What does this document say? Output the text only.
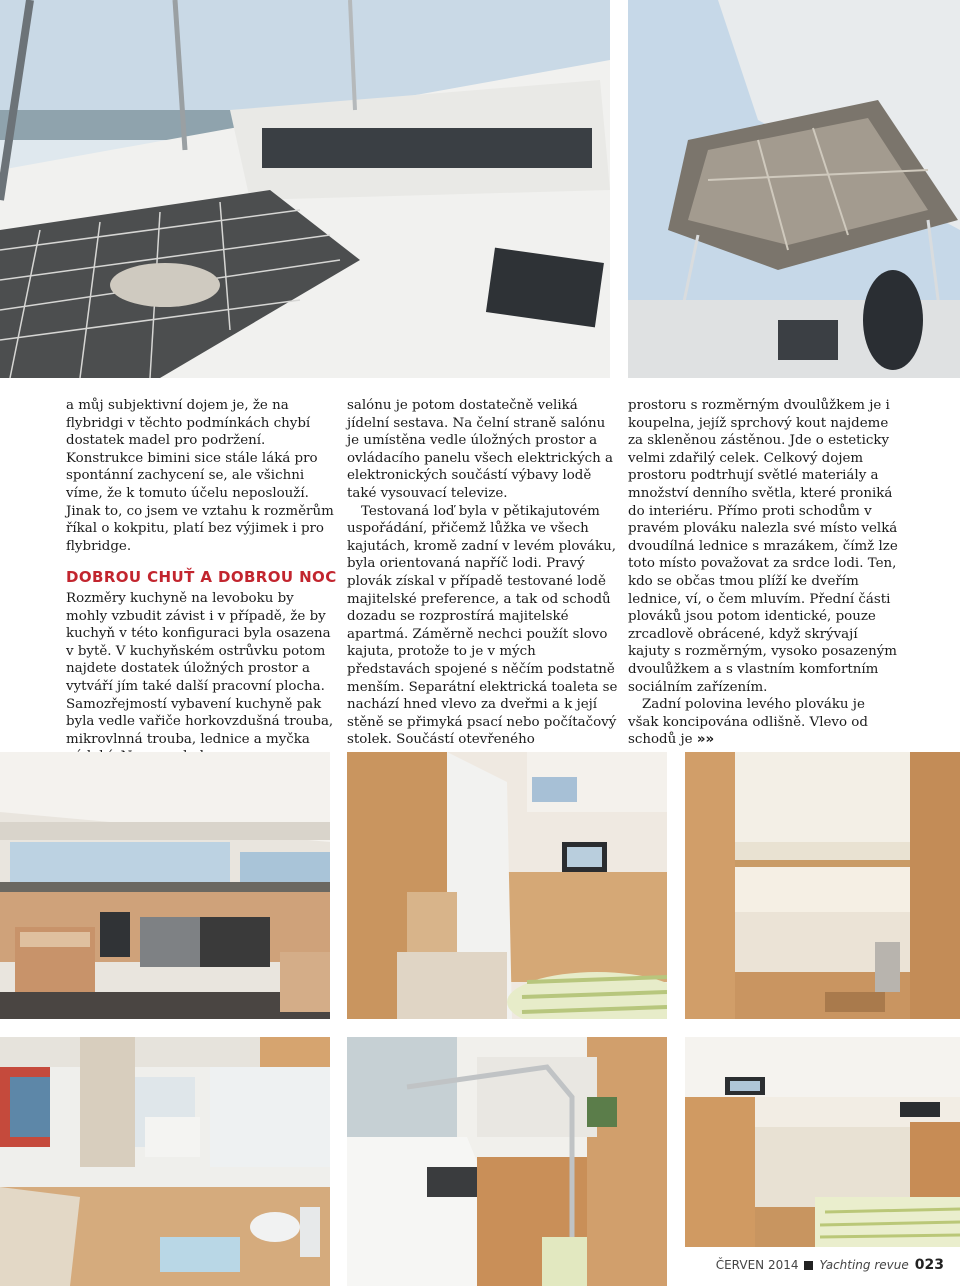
a můj subjektivní dojem je, že na flybridgi v těchto podmínkách chybí dostatek madel pro podržení. Konstrukce bimini sice stále láká pro spontánní zachycení se, ale všichni víme, že k tomuto účelu neposlouží. Jinak to, co jsem ve vztahu k rozměrům říkal o kokpitu, platí bez výjimek i pro flybridge.

DOBROU CHUŤ A DOBROU NOC

Rozměry kuchyně na levoboku by mohly vzbudit závist i v případě, že by kuchyň v této konfiguraci byla osazena v bytě. V kuchyňském ostrůvku potom najdete dostatek úložných prostor a vytváří jím také další pracovní plocha. Samozřejmostí vybavení kuchyně pak byla vedle vařiče horkovzdušná trouba, mikrovlnná trouba, lednice a myčka

salónu je potom dostatečně veliká jídelní sestava. Na čelní straně salónu je umístěna vedle úložných prostor a ovládacího panelu všech elektrických a elektronických součástí výbavy lodě také vysouvací televize.

Testovaná loď byla v pětikajutovém uspořádání, přičemž lůžka ve všech kajutách, kromě zadní v levém plováku, byla orientovaná napříč lodi. Pravý plovák získal v případě testované lodě majitelské preference, a tak od schodů dozadu se rozprostírá majitelské apartmá. Záměrně nechci použít slovo kajuta, protože to je v mých představách spojené s něčím podstatně menším. Separátní elektrická toaleta se nachází hned vlevo za dveřmi a k její stěně se přimyká psací nebo počítačový stolek. Součástí otevřeného

prostoru s rozměrným dvoulůžkem je i koupelna, jejíž sprchový kout najdeme za skleněnou zástěnou. Jde o esteticky velmi zdařilý celek. Celkový dojem prostoru podtrhují světlé materiály a množství denního světla, které proniká do interiéru. Přímo proti schodům v pravém plováku nalezla své místo velká dvoudílná lednice s mrazákem, čímž lze toto místo považovat za srdce lodi. Ten, kdo se občas tmou plíží ke dveřím lednice, ví, o čem mluvím. Přední části plováků jsou potom identické, pouze zrcadlově obrácené, když skrývají kajuty s rozměrným, vysoko posazeným dvoulůžkem a s vlastním komfortním sociálním zařízením.

Zadní polovina levého plováku je však koncipována odlišně. Vlevo od schodů je »»

ČERVEN 2014 Yachting revue 023
